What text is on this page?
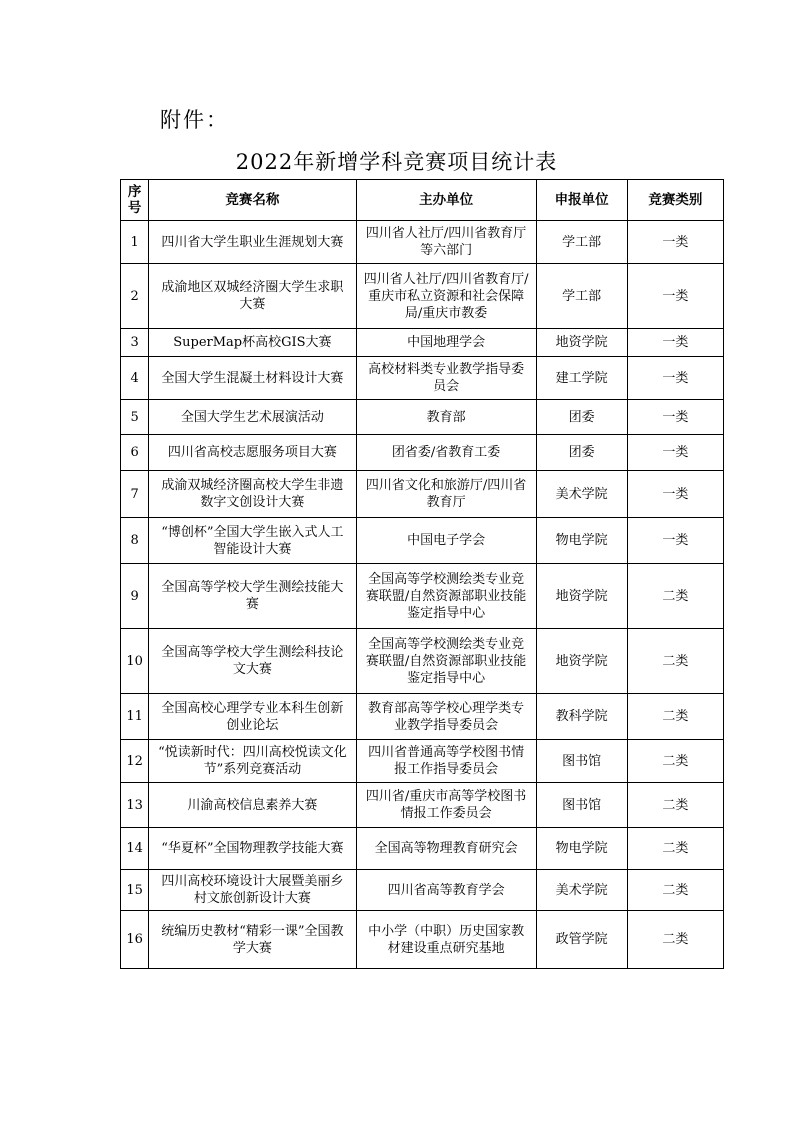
附件：
2022年新增学科竞赛项目统计表
序号	竞赛名称	主办单位	申报单位	竞赛类别
1	四川省大学生职业生涯规划大赛	四川省人社厅/四川省教育厅等六部门	学工部	一类
2	成渝地区双城经济圈大学生求职大赛	四川省人社厅/四川省教育厅/重庆市私立资源和社会保障局/重庆市教委	学工部	一类
3	SuperMap杯高校GIS大赛	中国地理学会	地资学院	一类
4	全国大学生混凝土材料设计大赛	高校材料类专业教学指导委员会	建工学院	一类
5	全国大学生艺术展演活动	教育部	团委	一类
6	四川省高校志愿服务项目大赛	团省委/省教育工委	团委	一类
7	成渝双城经济圈高校大学生非遗数字文创设计大赛	四川省文化和旅游厅/四川省教育厅	美术学院	一类
8	“博创杯”全国大学生嵌入式人工智能设计大赛	中国电子学会	物电学院	一类
9	全国高等学校大学生测绘技能大赛	全国高等学校测绘类专业竞赛联盟/自然资源部职业技能鉴定指导中心	地资学院	二类
10	全国高等学校大学生测绘科技论文大赛	全国高等学校测绘类专业竞赛联盟/自然资源部职业技能鉴定指导中心	地资学院	二类
11	全国高校心理学专业本科生创新创业论坛	教育部高等学校心理学类专业教学指导委员会	教科学院	二类
12	“悦读新时代：四川高校悦读文化节”系列竞赛活动	四川省普通高等学校图书情报工作指导委员会	图书馆	二类
13	川渝高校信息素养大赛	四川省/重庆市高等学校图书情报工作委员会	图书馆	二类
14	“华夏杯”全国物理教学技能大赛	全国高等物理教育研究会	物电学院	二类
15	四川高校环境设计大展暨美丽乡村文旅创新设计大赛	四川省高等教育学会	美术学院	二类
16	统编历史教材“精彩一课”全国教学大赛	中小学（中职）历史国家教材建设重点研究基地	政管学院	二类
